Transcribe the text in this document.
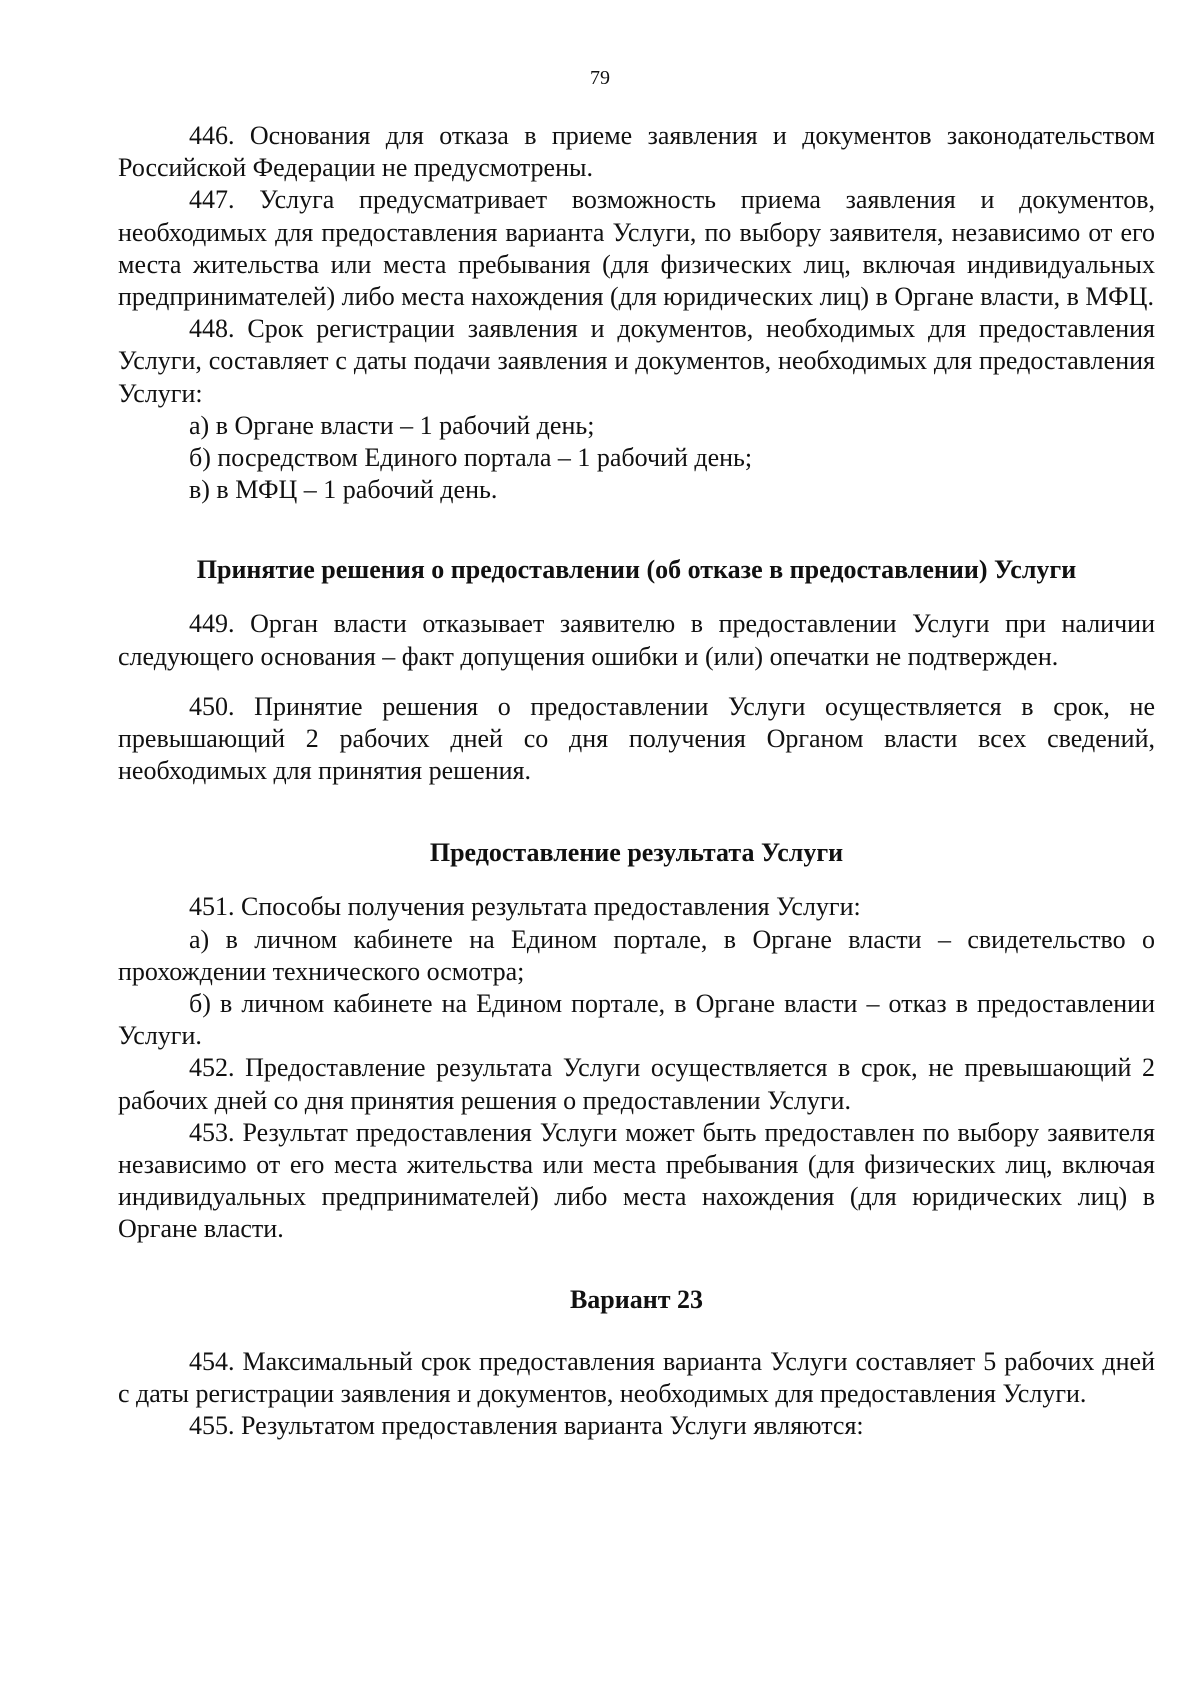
79

446. Основания для отказа в приеме заявления и документов законодательством Российской Федерации не предусмотрены.

447. Услуга предусматривает возможность приема заявления и документов, необходимых для предоставления варианта Услуги, по выбору заявителя, независимо от его места жительства или места пребывания (для физических лиц, включая индивидуальных предпринимателей) либо места нахождения (для юридических лиц) в Органе власти, в МФЦ.

448. Срок регистрации заявления и документов, необходимых для предоставления Услуги, составляет с даты подачи заявления и документов, необходимых для предоставления Услуги:

а) в Органе власти – 1 рабочий день;

б) посредством Единого портала – 1 рабочий день;

в) в МФЦ – 1 рабочий день.

Принятие решения о предоставлении (об отказе в предоставлении) Услуги

449. Орган власти отказывает заявителю в предоставлении Услуги при наличии следующего основания – факт допущения ошибки и (или) опечатки не подтвержден.

450. Принятие решения о предоставлении Услуги осуществляется в срок, не превышающий 2 рабочих дней со дня получения Органом власти всех сведений, необходимых для принятия решения.

Предоставление результата Услуги

451. Способы получения результата предоставления Услуги:

а) в личном кабинете на Едином портале, в Органе власти – свидетельство о прохождении технического осмотра;

б) в личном кабинете на Едином портале, в Органе власти – отказ в предоставлении Услуги.

452. Предоставление результата Услуги осуществляется в срок, не превышающий 2 рабочих дней со дня принятия решения о предоставлении Услуги.

453. Результат предоставления Услуги может быть предоставлен по выбору заявителя независимо от его места жительства или места пребывания (для физических лиц, включая индивидуальных предпринимателей) либо места нахождения (для юридических лиц) в Органе власти.

Вариант 23

454. Максимальный срок предоставления варианта Услуги составляет 5 рабочих дней с даты регистрации заявления и документов, необходимых для предоставления Услуги.

455. Результатом предоставления варианта Услуги являются:
